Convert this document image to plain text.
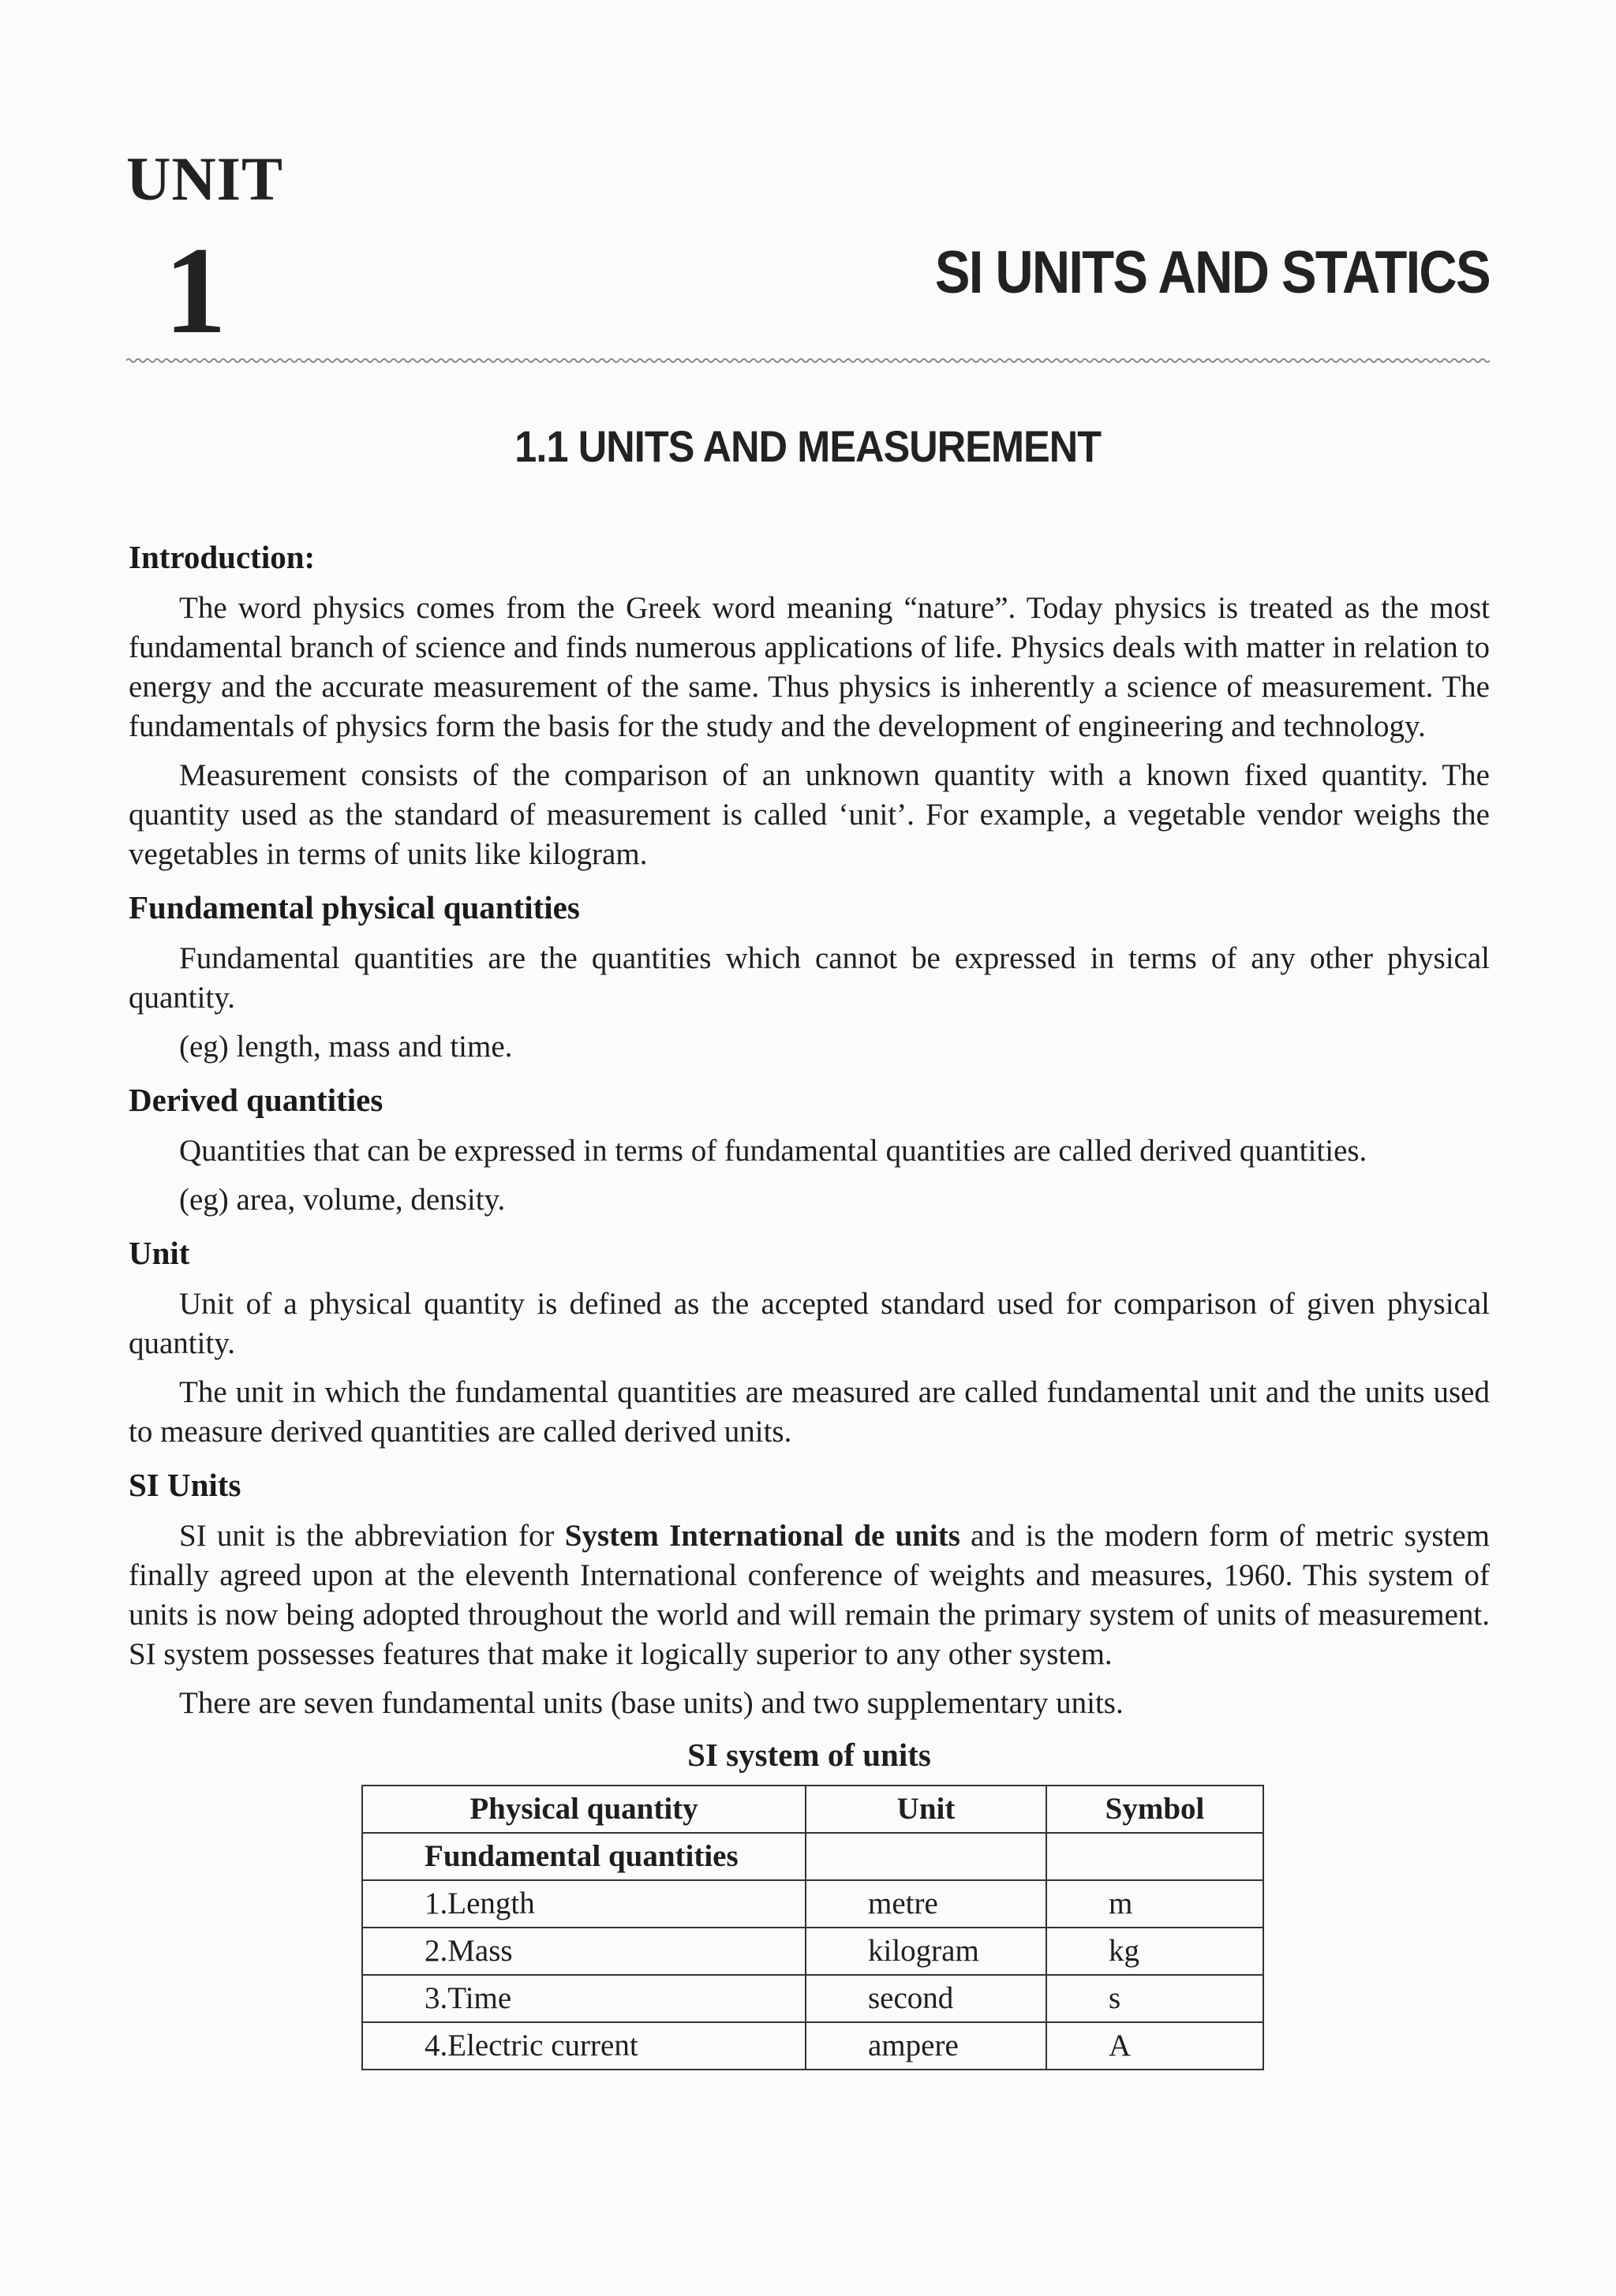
UNIT
1	SI UNITS AND STATICS
1.1 UNITS AND MEASUREMENT
Introduction:

The word physics comes from the Greek word meaning “nature”. Today physics is treated as the most fundamental branch of science and finds numerous applications of life. Physics deals with matter in relation to energy and the accurate measurement of the same. Thus physics is inherently a science of measurement. The fundamentals of physics form the basis for the study and the development of engineering and technology.

Measurement consists of the comparison of an unknown quantity with a known fixed quantity. The quantity used as the standard of measurement is called ‘unit’. For example, a vegetable vendor weighs the vegetables in terms of units like kilogram.

Fundamental physical quantities

Fundamental quantities are the quantities which cannot be expressed in terms of any other physical quantity.

(eg) length, mass and time.

Derived quantities

Quantities that can be expressed in terms of fundamental quantities are called derived quantities.

(eg) area, volume, density.

Unit

Unit of a physical quantity is defined as the accepted standard used for comparison of given physical quantity.

The unit in which the fundamental quantities are measured are called fundamental unit and the units used to measure derived quantities are called derived units.

SI Units

SI unit is the abbreviation for System International de units and is the modern form of metric system finally agreed upon at the eleventh International conference of weights and measures, 1960. This system of units is now being adopted throughout the world and will remain the primary system of units of measurement. SI system possesses features that make it logically superior to any other system.

There are seven fundamental units (base units) and two supplementary units.

SI system of units
Physical quantity	Unit	Symbol
Fundamental quantities		
1.Length	metre	m
2.Mass	kilogram	kg
3.Time	second	s
4.Electric current	ampere	A
